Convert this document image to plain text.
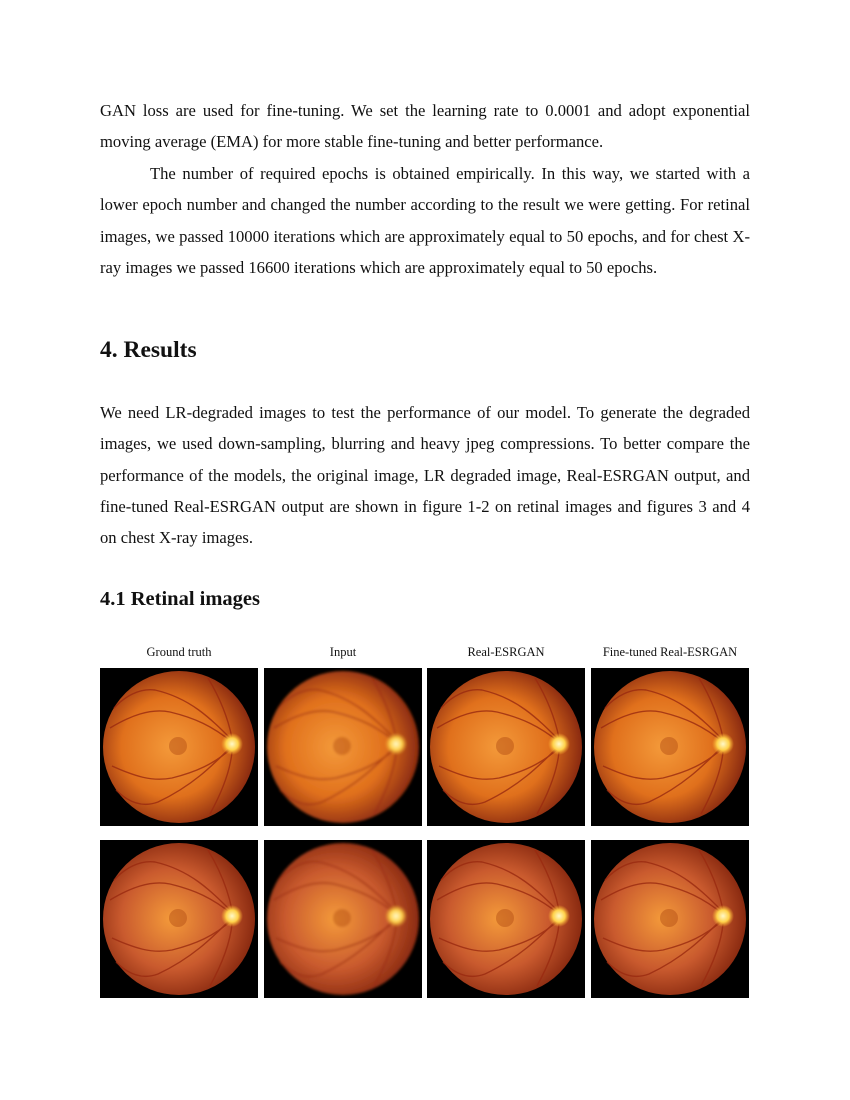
GAN loss are used for fine-tuning. We set the learning rate to 0.0001 and adopt exponential moving average (EMA) for more stable fine-tuning and better performance.

The number of required epochs is obtained empirically. In this way, we started with a lower epoch number and changed the number according to the result we were getting. For retinal images, we passed 10000 iterations which are approximately equal to 50 epochs, and for chest X-ray images we passed 16600 iterations which are approximately equal to 50 epochs.

4. Results

We need LR-degraded images to test the performance of our model. To generate the degraded images, we used down-sampling, blurring and heavy jpeg compressions. To better compare the performance of the models, the original image, LR degraded image, Real-ESRGAN output, and fine-tuned Real-ESRGAN output are shown in figure 1-2 on retinal images and figures 3 and 4 on chest X-ray images.

4.1 Retinal images
Ground truth	Input	Real-ESRGAN	Fine-tuned Real-ESRGAN
